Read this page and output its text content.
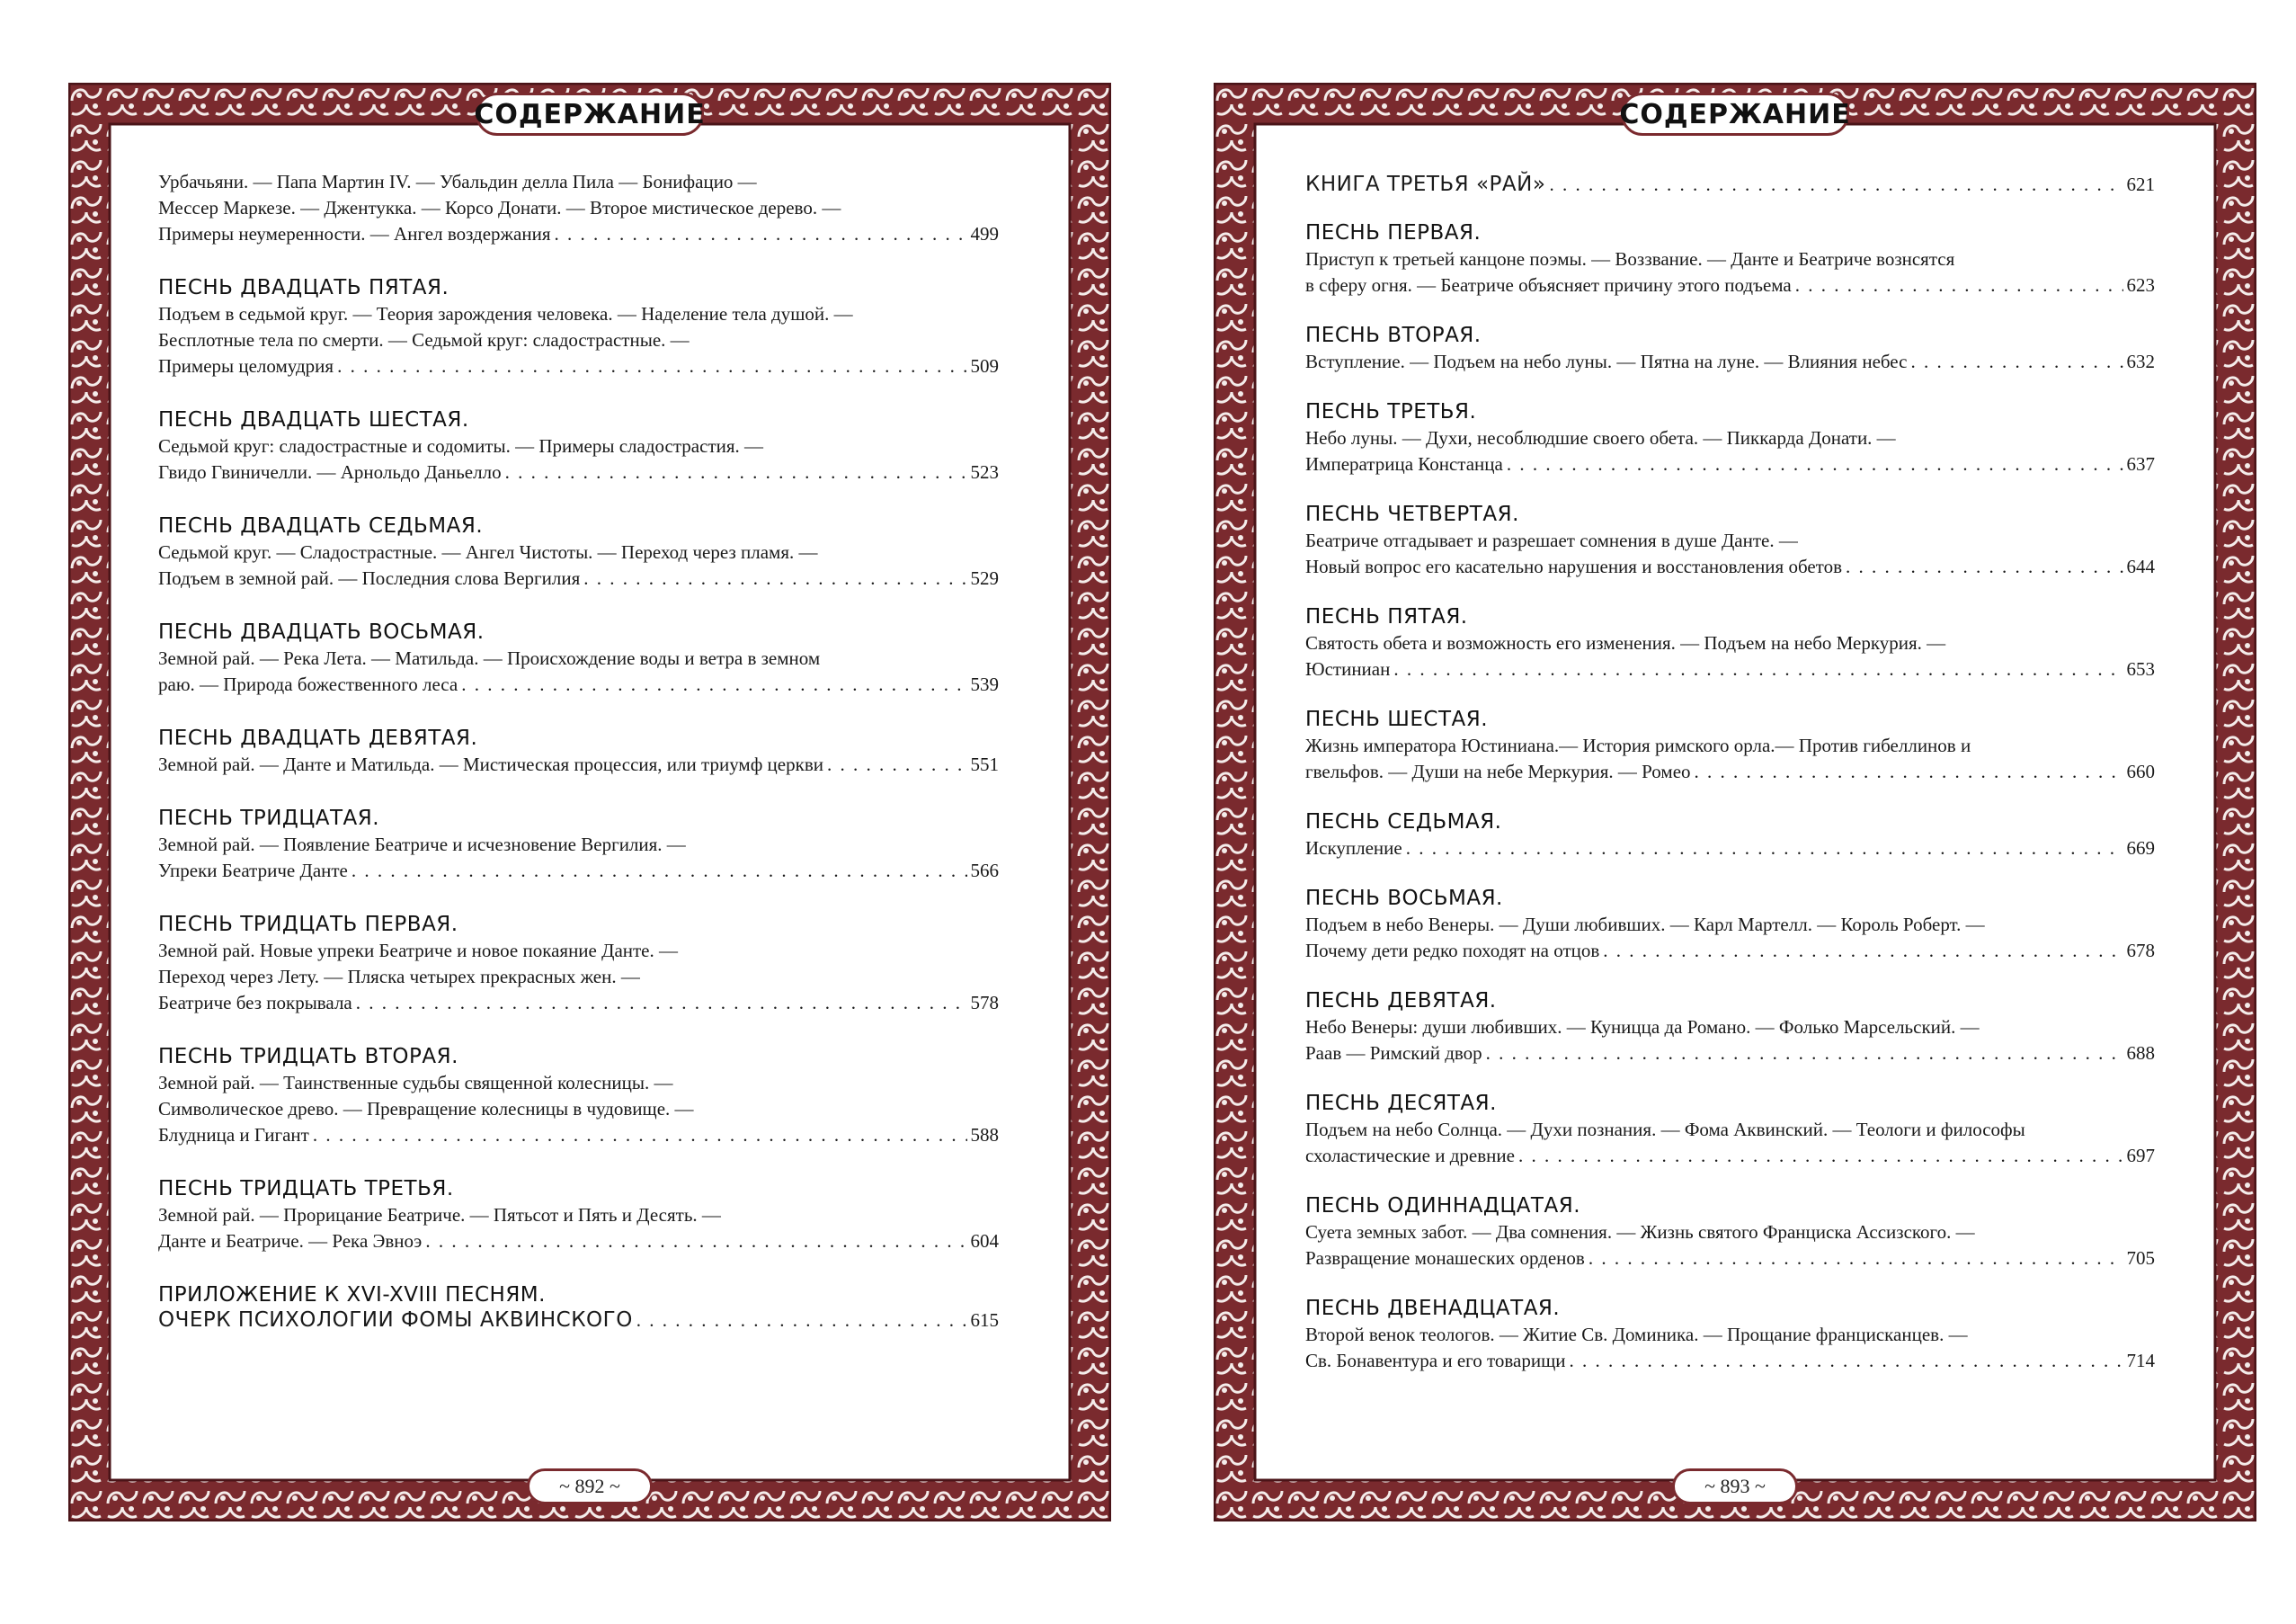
СОДЕРЖАНИЕ
Урбачьяни. — Папа Мартин IV. — Убальдин делла Пила — Бонифацио —
Мессер Маркезе. — Джентукка. — Корсо Донати. — Второе мистическое дерево. —
Примеры неумеренности. — Ангел воздержания . . .	499
ПЕСНЬ ДВАДЦАТЬ ПЯТАЯ.
Подъем в седьмой круг. — Теория зарождения человека. — Наделение тела душой. —
Бесплотные тела по смерти. — Седьмой круг: сладострастные. —
Примеры целомудрия . . .	509
ПЕСНЬ ДВАДЦАТЬ ШЕСТАЯ.
Седьмой круг: сладострастные и содомиты. — Примеры сладострастия. —
Гвидо Гвиничелли. — Арнольдо Даньелло . . .	523
ПЕСНЬ ДВАДЦАТЬ СЕДЬМАЯ.
Седьмой круг. — Сладострастные. — Ангел Чистоты. — Переход через пламя. —
Подъем в земной рай. — Последния слова Вергилия . . .	529
ПЕСНЬ ДВАДЦАТЬ ВОСЬМАЯ.
Земной рай. — Река Лета. — Матильда. — Происхождение воды и ветра в земном
раю. — Природа божественного леса . . .	539
ПЕСНЬ ДВАДЦАТЬ ДЕВЯТАЯ.
Земной рай. — Данте и Матильда. — Мистическая процессия, или триумф церкви . . .	551
ПЕСНЬ ТРИДЦАТАЯ.
Земной рай. — Появление Беатриче и исчезновение Вергилия. —
Упреки Беатриче Данте . . .	566
ПЕСНЬ ТРИДЦАТЬ ПЕРВАЯ.
Земной рай. Новые упреки Беатриче и новое покаяние Данте. —
Переход через Лету. — Пляска четырех прекрасных жен. —
Беатриче без покрывала . . .	578
ПЕСНЬ ТРИДЦАТЬ ВТОРАЯ.
Земной рай. — Таинственные судьбы священной колесницы. —
Символическое древо. — Превращение колесницы в чудовище. —
Блудница и Гигант . . .	588
ПЕСНЬ ТРИДЦАТЬ ТРЕТЬЯ.
Земной рай. — Прорицание Беатриче. — Пятьсот и Пять и Десять. —
Данте и Беатриче. — Река Эвноэ . . .	604
ПРИЛОЖЕНИЕ К XVI-XVIII ПЕСНЯМ.
ОЧЕРК ПСИХОЛОГИИ ФОМЫ АКВИНСКОГО . . .	615
~ 892 ~
СОДЕРЖАНИЕ
КНИГА ТРЕТЬЯ «РАЙ» . . .	621
ПЕСНЬ ПЕРВАЯ.
Приступ к третьей канцоне поэмы. — Воззвание. — Данте и Беатриче вознсятся
в сферу огня. — Беатриче объясняет причину этого подъема . . .	623
ПЕСНЬ ВТОРАЯ.
Вступление. — Подъем на небо луны. — Пятна на луне. — Влияния небес . . .	632
ПЕСНЬ ТРЕТЬЯ.
Небо луны. — Духи, несоблюдшие своего обета. — Пиккарда Донати. —
Императрица Констанца . . .	637
ПЕСНЬ ЧЕТВЕРТАЯ.
Беатриче отгадывает и разрешает сомнения в душе Данте. —
Новый вопрос его касательно нарушения и восстановления обетов . . .	644
ПЕСНЬ ПЯТАЯ.
Святость обета и возможность его изменения. — Подъем на небо Меркурия. —
Юстиниан . . .	653
ПЕСНЬ ШЕСТАЯ.
Жизнь императора Юстиниана.— История римского орла.— Против гибеллинов и
гвельфов. — Души на небе Меркурия. — Ромео . . .	660
ПЕСНЬ СЕДЬМАЯ.
Искупление . . .	669
ПЕСНЬ ВОСЬМАЯ.
Подъем в небо Венеры. — Души любивших. — Карл Мартелл. — Король Роберт. —
Почему дети редко походят на отцов . . .	678
ПЕСНЬ ДЕВЯТАЯ.
Небо Венеры: души любивших. — Куницца да Романо. — Фолько Марсельский. —
Раав — Римский двор . . .	688
ПЕСНЬ ДЕСЯТАЯ.
Подъем на небо Солнца. — Духи познания. — Фома Аквинский. — Теологи и философы
схоластические и древние . . .	697
ПЕСНЬ ОДИННАДЦАТАЯ.
Суета земных забот. — Два сомнения. — Жизнь святого Франциска Ассизского. —
Развращение монашеских орденов . . .	705
ПЕСНЬ ДВЕНАДЦАТАЯ.
Второй венок теологов. — Житие Св. Доминика. — Прощание францисканцев. —
Св. Бонавентура и его товарищи . . .	714
~ 893 ~
